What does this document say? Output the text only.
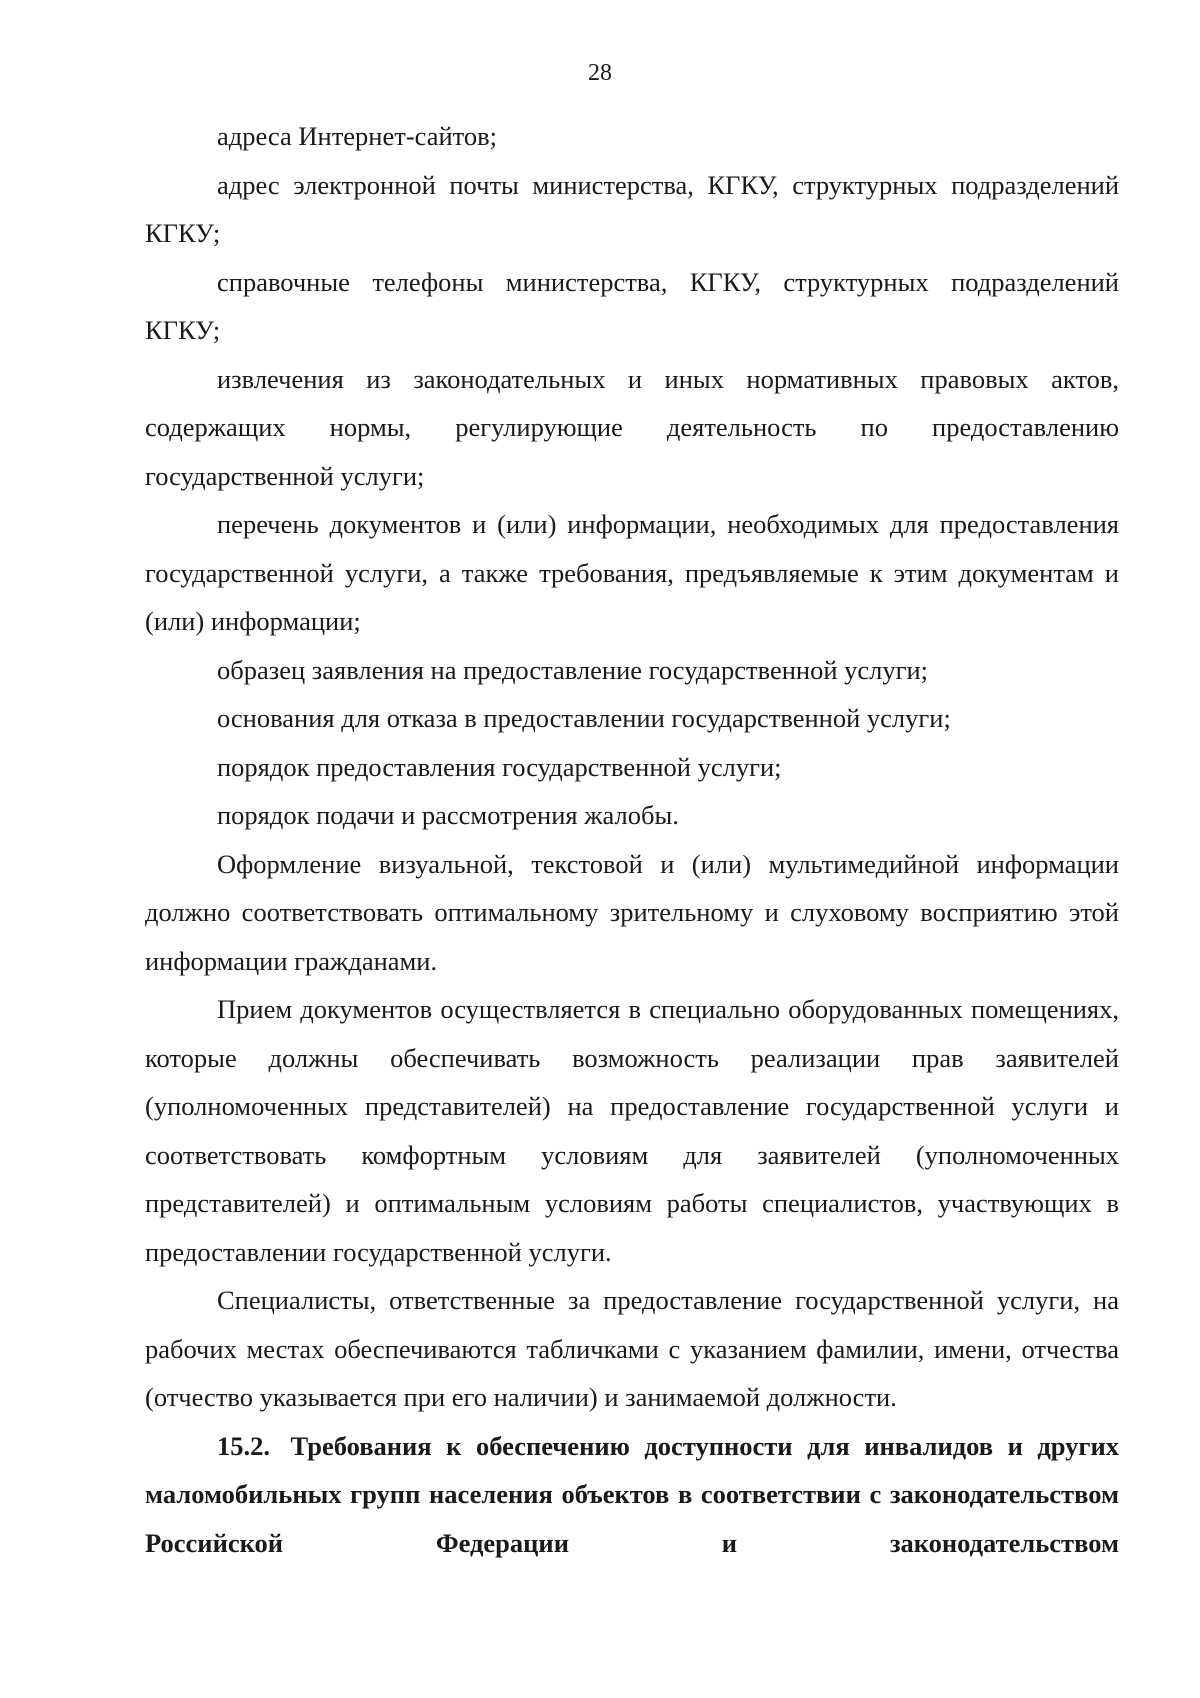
28

адреса Интернет-сайтов;

адрес электронной почты министерства, КГКУ, структурных подразделений КГКУ;

справочные телефоны министерства, КГКУ, структурных подразделений КГКУ;

извлечения из законодательных и иных нормативных правовых актов, содержащих нормы, регулирующие деятельность по предоставлению государственной услуги;

перечень документов и (или) информации, необходимых для предоставления государственной услуги, а также требования, предъявляемые к этим документам и (или) информации;

образец заявления на предоставление государственной услуги;

основания для отказа в предоставлении государственной услуги;

порядок предоставления государственной услуги;

порядок подачи и рассмотрения жалобы.

Оформление визуальной, текстовой и (или) мультимедийной информации должно соответствовать оптимальному зрительному и слуховому восприятию этой информации гражданами.

Прием документов осуществляется в специально оборудованных помещениях, которые должны обеспечивать возможность реализации прав заявителей (уполномоченных представителей) на предоставление государственной услуги и соответствовать комфортным условиям для заявителей (уполномоченных представителей) и оптимальным условиям работы специалистов, участвующих в предоставлении государственной услуги.

Специалисты, ответственные за предоставление государственной услуги, на рабочих местах обеспечиваются табличками с указанием фамилии, имени, отчества (отчество указывается при его наличии) и занимаемой должности.

15.2. Требования к обеспечению доступности для инвалидов и других маломобильных групп населения объектов в соответствии с законодательством Российской Федерации и законодательством
